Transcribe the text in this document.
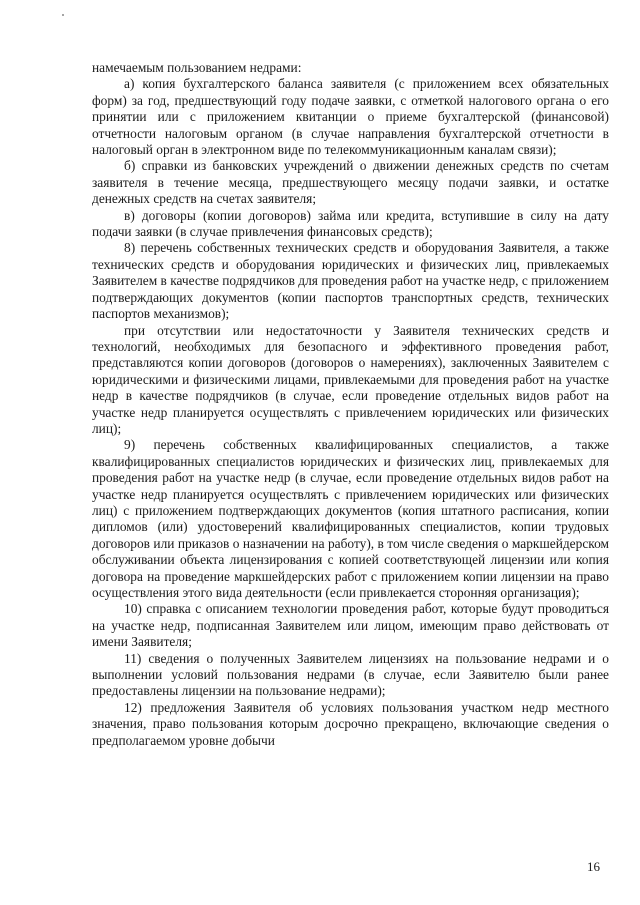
намечаемым пользованием недрами:

а) копия бухгалтерского баланса заявителя (с приложением всех обязательных форм) за год, предшествующий году подаче заявки, с отметкой налогового органа о его принятии или с приложением квитанции о приеме бухгалтерской (финансовой) отчетности налоговым органом (в случае направления бухгалтерской отчетности в налоговый орган в электронном виде по телекоммуникационным каналам связи);

б) справки из банковских учреждений о движении денежных средств по счетам заявителя в течение месяца, предшествующего месяцу подачи заявки, и остатке денежных средств на счетах заявителя;

в) договоры (копии договоров) займа или кредита, вступившие в силу на дату подачи заявки (в случае привлечения финансовых средств);

8) перечень собственных технических средств и оборудования Заявителя, а также технических средств и оборудования юридических и физических лиц, привлекаемых Заявителем в качестве подрядчиков для проведения работ на участке недр, с приложением подтверждающих документов (копии паспортов транспортных средств, технических паспортов механизмов);

при отсутствии или недостаточности у Заявителя технических средств и технологий, необходимых для безопасного и эффективного проведения работ, представляются копии договоров (договоров о намерениях), заключенных Заявителем с юридическими и физическими лицами, привлекаемыми для проведения работ на участке недр в качестве подрядчиков (в случае, если проведение отдельных видов работ на участке недр планируется осуществлять с привлечением юридических или физических лиц);

9) перечень собственных квалифицированных специалистов, а также квалифицированных специалистов юридических и физических лиц, привлекаемых для проведения работ на участке недр (в случае, если проведение отдельных видов работ на участке недр планируется осуществлять с привлечением юридических или физических лиц) с приложением подтверждающих документов (копия штатного расписания, копии дипломов (или) удостоверений квалифицированных специалистов, копии трудовых договоров или приказов о назначении на работу), в том числе сведения о маркшейдерском обслуживании объекта лицензирования с копией соответствующей лицензии или копия договора на проведение маркшейдерских работ с приложением копии лицензии на право осуществления этого вида деятельности (если привлекается сторонняя организация);

10) справка с описанием технологии проведения работ, которые будут проводиться на участке недр, подписанная Заявителем или лицом, имеющим право действовать от имени Заявителя;

11) сведения о полученных Заявителем лицензиях на пользование недрами и о выполнении условий пользования недрами (в случае, если Заявителю были ранее предоставлены лицензии на пользование недрами);

12) предложения Заявителя об условиях пользования участком недр местного значения, право пользования которым досрочно прекращено, включающие сведения о предполагаемом уровне добычи

16
